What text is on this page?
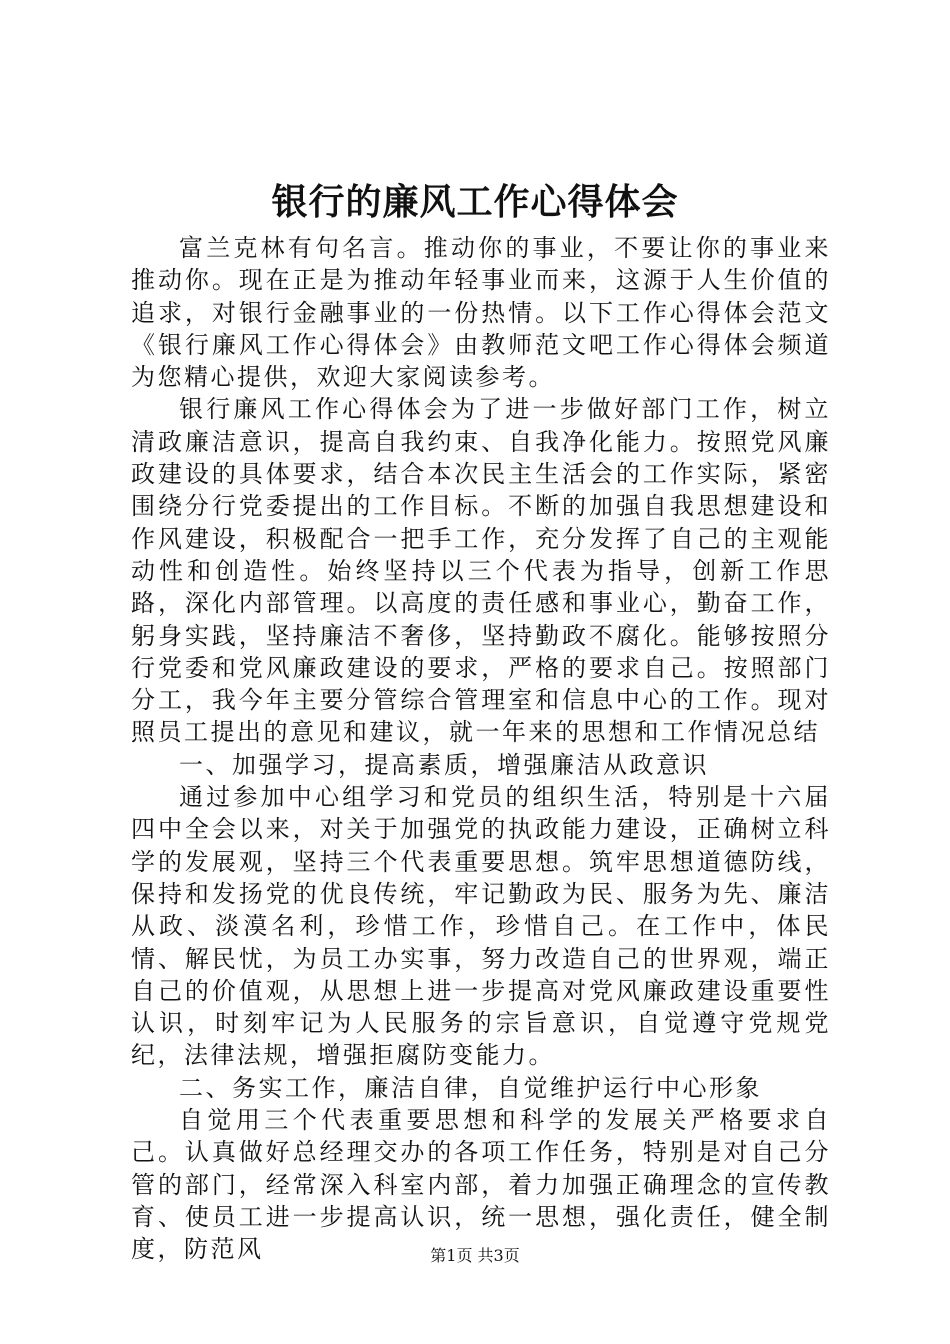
银行的廉风工作心得体会

富兰克林有句名言。推动你的事业，不要让你的事业来推动你。现在正是为推动年轻事业而来，这源于人生价值的追求，对银行金融事业的一份热情。以下工作心得体会范文《银行廉风工作心得体会》由教师范文吧工作心得体会频道为您精心提供，欢迎大家阅读参考。

银行廉风工作心得体会为了进一步做好部门工作，树立清政廉洁意识，提高自我约束、自我净化能力。按照党风廉政建设的具体要求，结合本次民主生活会的工作实际，紧密围绕分行党委提出的工作目标。不断的加强自我思想建设和作风建设，积极配合一把手工作，充分发挥了自己的主观能动性和创造性。始终坚持以三个代表为指导，创新工作思路，深化内部管理。以高度的责任感和事业心，勤奋工作，躬身实践，坚持廉洁不奢侈，坚持勤政不腐化。能够按照分行党委和党风廉政建设的要求，严格的要求自己。按照部门分工，我今年主要分管综合管理室和信息中心的工作。现对照员工提出的意见和建议，就一年来的思想和工作情况总结

一、加强学习，提高素质，增强廉洁从政意识

通过参加中心组学习和党员的组织生活，特别是十六届四中全会以来，对关于加强党的执政能力建设，正确树立科学的发展观，坚持三个代表重要思想。筑牢思想道德防线，保持和发扬党的优良传统，牢记勤政为民、服务为先、廉洁从政、淡漠名利，珍惜工作，珍惜自己。在工作中，体民情、解民忧，为员工办实事，努力改造自己的世界观，端正自己的价值观，从思想上进一步提高对党风廉政建设重要性认识，时刻牢记为人民服务的宗旨意识，自觉遵守党规党纪，法律法规，增强拒腐防变能力。

二、务实工作，廉洁自律，自觉维护运行中心形象

自觉用三个代表重要思想和科学的发展关严格要求自己。认真做好总经理交办的各项工作任务，特别是对自己分管的部门，经常深入科室内部，着力加强正确理念的宣传教育、使员工进一步提高认识，统一思想，强化责任，健全制度，防范风	第1页 共3页
